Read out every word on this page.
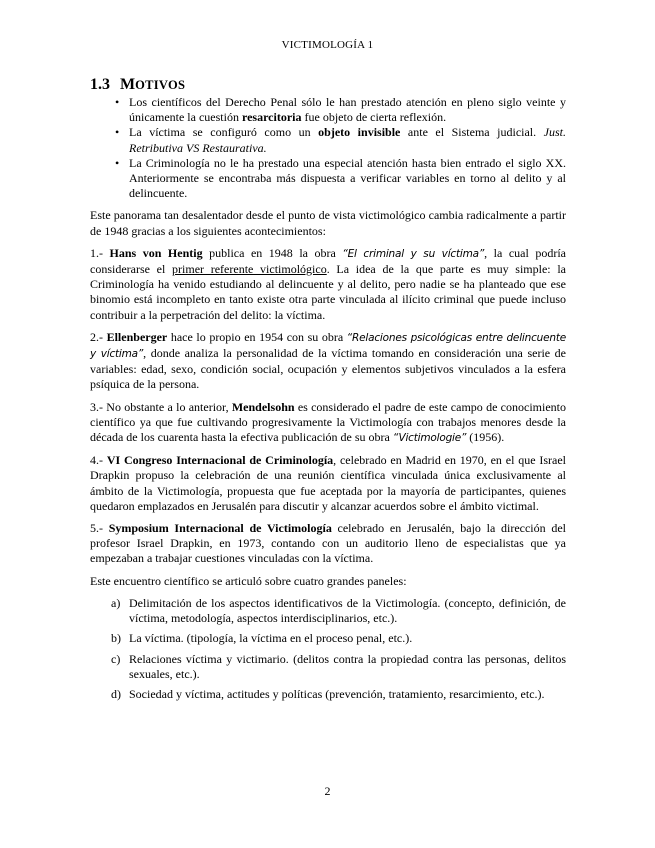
VICTIMOLOGÍA 1
1.3 MOTIVOS
• Los científicos del Derecho Penal sólo le han prestado atención en pleno siglo veinte y únicamente la cuestión resarcitoria fue objeto de cierta reflexión.
• La víctima se configuró como un objeto invisible ante el Sistema judicial. Just. Retributiva VS Restaurativa.
• La Criminología no le ha prestado una especial atención hasta bien entrado el siglo XX. Anteriormente se encontraba más dispuesta a verificar variables en torno al delito y al delincuente.

Este panorama tan desalentador desde el punto de vista victimológico cambia radicalmente a partir de 1948 gracias a los siguientes acontecimientos:

1.- Hans von Hentig publica en 1948 la obra “El criminal y su víctima”, la cual podría considerarse el primer referente victimológico. La idea de la que parte es muy simple: la Criminología ha venido estudiando al delincuente y al delito, pero nadie se ha planteado que ese binomio está incompleto en tanto existe otra parte vinculada al ilícito criminal que puede incluso contribuir a la perpetración del delito: la víctima.

2.- Ellenberger hace lo propio en 1954 con su obra “Relaciones psicológicas entre delincuente y víctima”, donde analiza la personalidad de la víctima tomando en consideración una serie de variables: edad, sexo, condición social, ocupación y elementos subjetivos vinculados a la esfera psíquica de la persona.

3.- No obstante a lo anterior, Mendelsohn es considerado el padre de este campo de conocimiento científico ya que fue cultivando progresivamente la Victimología con trabajos menores desde la década de los cuarenta hasta la efectiva publicación de su obra “Victimologie” (1956).

4.- VI Congreso Internacional de Criminología, celebrado en Madrid en 1970, en el que Israel Drapkin propuso la celebración de una reunión científica vinculada única exclusivamente al ámbito de la Victimología, propuesta que fue aceptada por la mayoría de participantes, quienes quedaron emplazados en Jerusalén para discutir y alcanzar acuerdos sobre el ámbito victimal.

5.- Symposium Internacional de Victimología celebrado en Jerusalén, bajo la dirección del profesor Israel Drapkin, en 1973, contando con un auditorio lleno de especialistas que ya empezaban a trabajar cuestiones vinculadas con la víctima.

Este encuentro científico se articuló sobre cuatro grandes paneles:

a) Delimitación de los aspectos identificativos de la Victimología. (concepto, definición, de víctima, metodología, aspectos interdisciplinarios, etc.).
b) La víctima. (tipología, la víctima en el proceso penal, etc.).
c) Relaciones víctima y victimario. (delitos contra la propiedad contra las personas, delitos sexuales, etc.).
d) Sociedad y víctima, actitudes y políticas (prevención, tratamiento, resarcimiento, etc.).
2
